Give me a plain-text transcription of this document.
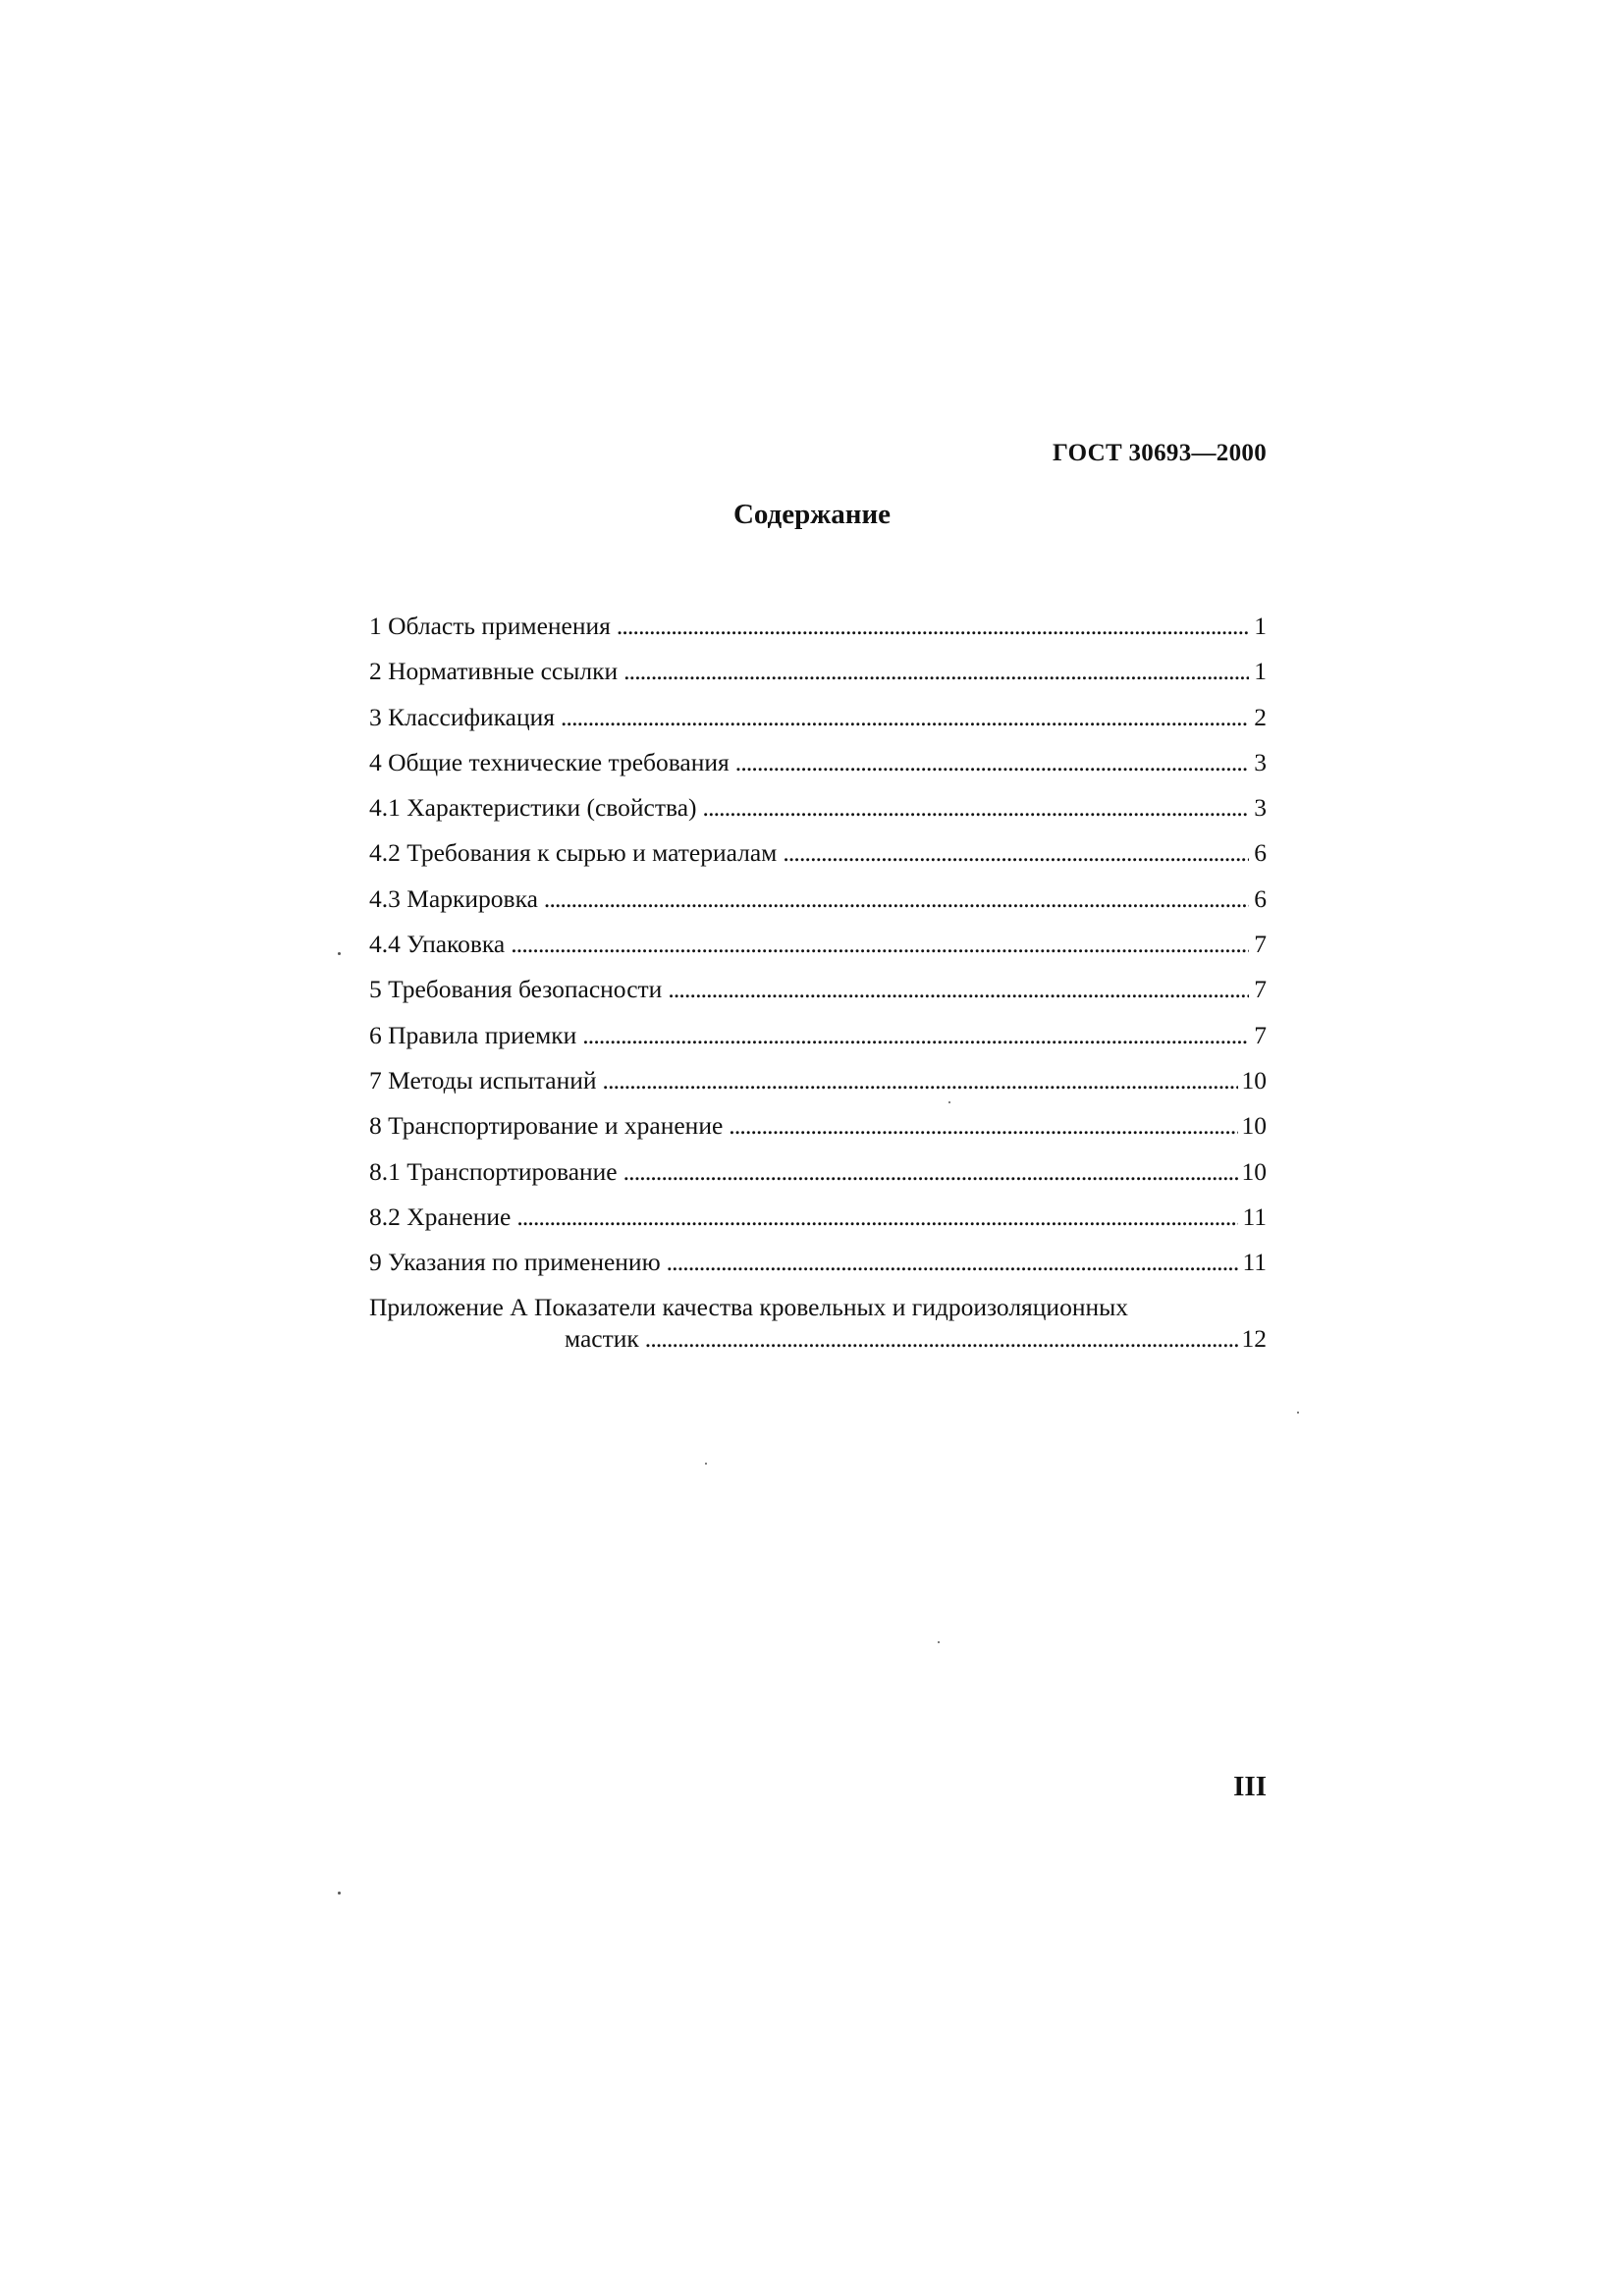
ГОСТ 30693—2000

Содержание
1 Область применения . . .	1
2 Нормативные ссылки . . .	1
3 Классификация . . .	2
4 Общие технические требования . . .	3
4.1 Характеристики (свойства) . . .	3
4.2 Требования к сырью и материалам . . .	6
4.3 Маркировка . . .	6
4.4 Упаковка . . .	7
5 Требования безопасности . . .	7
6 Правила приемки . . .	7
7 Методы испытаний . . .	10
8 Транспортирование и хранение . . .	10
8.1 Транспортирование . . .	10
8.2 Хранение . . .	11
9 Указания по применению . . .	11
Приложение А Показатели качества кровельных и гидроизоляционных
мастик . . .	12

III
